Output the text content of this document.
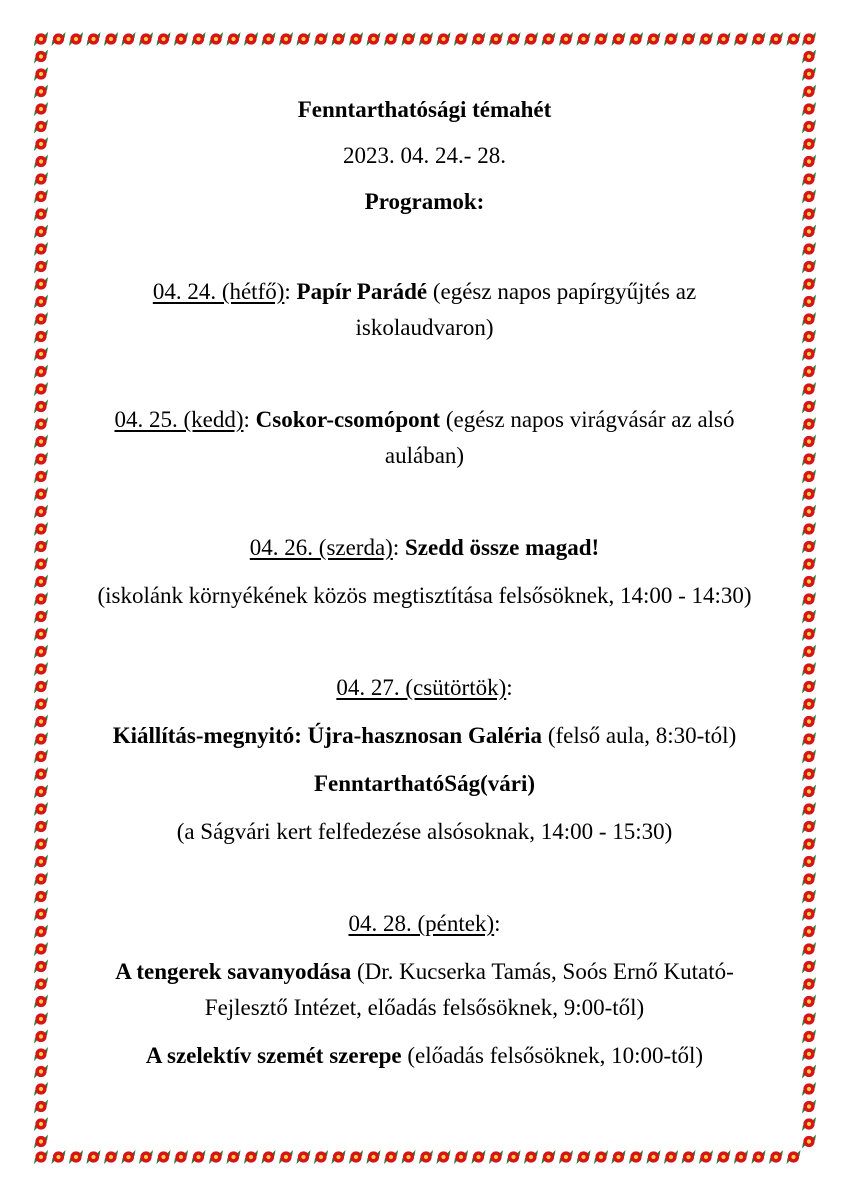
Fenntarthatósági témahét
2023. 04. 24.- 28.
Programok:

04. 24. (hétfő): Papír Parádé (egész napos papírgyűjtés az iskolaudvaron)

04. 25. (kedd): Csokor-csomópont (egész napos virágvásár az alsó aulában)

04. 26. (szerda): Szedd össze magad!

(iskolánk környékének közös megtisztítása felsősöknek, 14:00 - 14:30)

04. 27. (csütörtök):

Kiállítás-megnyitó: Újra-hasznosan Galéria (felső aula, 8:30-tól)

FenntarthatóSág(vári)

(a Ságvári kert felfedezése alsósoknak, 14:00 - 15:30)

04. 28. (péntek):

A tengerek savanyodása (Dr. Kucserka Tamás, Soós Ernő Kutató-Fejlesztő Intézet, előadás felsősöknek, 9:00-től)

A szelektív szemét szerepe (előadás felsősöknek, 10:00-től)
